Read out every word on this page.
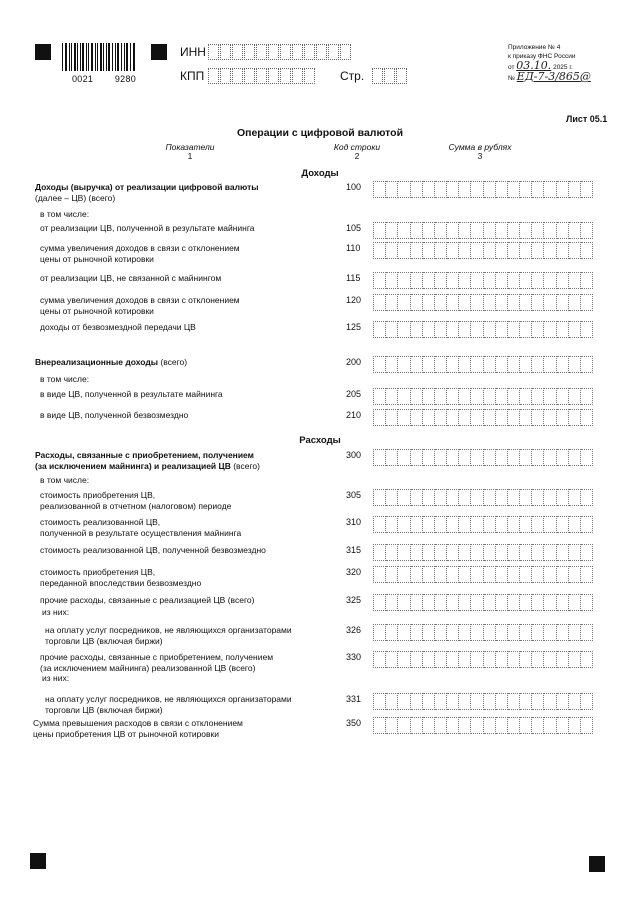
0021 9280
ИНН
КПП	Стр.
Приложение № 4
к приказу ФНС России
от 03.10. 2025 г.
№ ЕД-7-3/865@
Лист 05.1
Операции с цифровой валютой
Показатели
1
Код строки
2
Сумма в рублях
3
Доходы
Доходы (выручка) от реализации цифровой валюты
(далее – ЦВ) (всего)
100
в том числе:
от реализации ЦВ, полученной в результате майнинга	105
сумма увеличения доходов в связи с отклонением
цены от рыночной котировки
110
от реализации ЦВ, не связанной с майнингом	115
сумма увеличения доходов в связи с отклонением
цены от рыночной котировки
120
доходы от безвозмездной передачи ЦВ	125
Внереализационные доходы (всего)	200
в том числе:
в виде ЦВ, полученной в результате майнинга	205
в виде ЦВ, полученной безвозмездно	210
Расходы, связанные с приобретением, получением
(за исключением майнинга) и реализацией ЦВ (всего)
300
в том числе:
стоимость приобретения ЦВ,
реализованной в отчетном (налоговом) периоде
305
стоимость реализованной ЦВ,
полученной в результате осуществления майнинга
310
стоимость реализованной ЦВ, полученной безвозмездно	315
стоимость приобретения ЦВ,
переданной впоследствии безвозмездно
320
прочие расходы, связанные с реализацией ЦВ (всего)	325
из них:
на оплату услуг посредников, не являющихся организаторами
торговли ЦВ (включая биржи)
326
прочие расходы, связанные с приобретением, получением
(за исключением майнинга) реализованной ЦВ (всего)
330
из них:
на оплату услуг посредников, не являющихся организаторами
торговли ЦВ (включая биржи)
331
Сумма превышения расходов в связи с отклонением
цены приобретения ЦВ от рыночной котировки
350
Расходы
